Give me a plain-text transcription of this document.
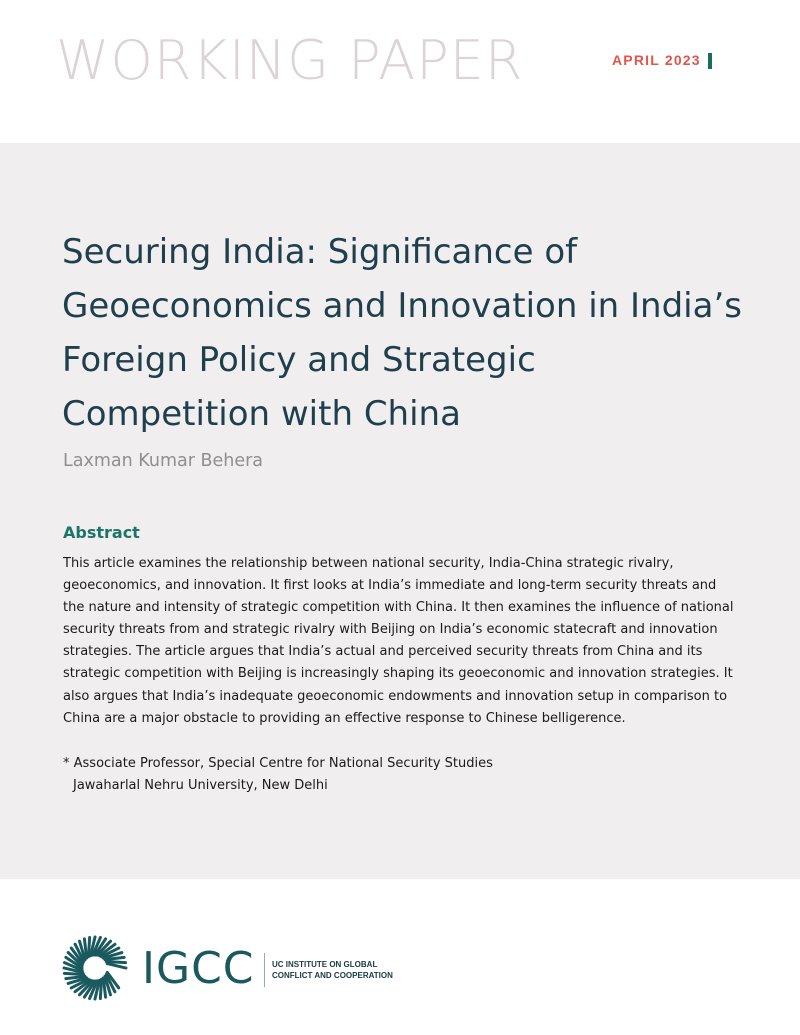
WORKING PAPER	APRIL 2023
Securing India: Significance of Geoeconomics and Innovation in India’s Foreign Policy and Strategic Competition with China
Laxman Kumar Behera
Abstract

This article examines the relationship between national security, India-China strategic rivalry, geoeconomics, and innovation. It first looks at India’s immediate and long-term security threats and the nature and intensity of strategic competition with China. It then examines the influence of national security threats from and strategic rivalry with Beijing on India’s economic statecraft and innovation strategies. The article argues that India’s actual and perceived security threats from China and its strategic competition with Beijing is increasingly shaping its geoeconomic and innovation strategies. It also argues that India’s inadequate geoeconomic endowments and innovation setup in comparison to China are a major obstacle to providing an effective response to Chinese belligerence.

* Associate Professor, Special Centre for National Security Studies
Jawaharlal Nehru University, New Delhi
IGCC UC INSTITUTE ON GLOBAL
CONFLICT AND COOPERATION
